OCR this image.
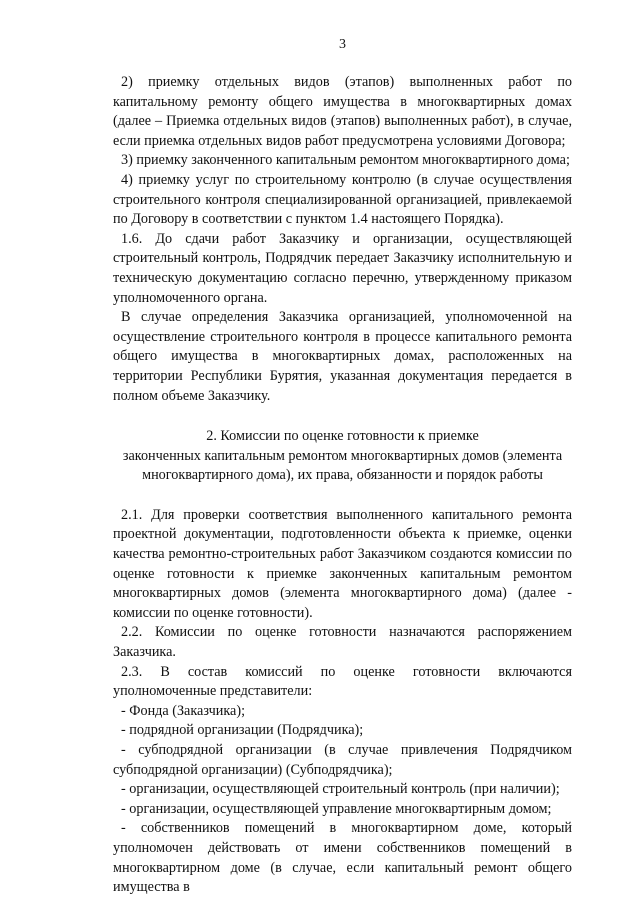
3

2) приемку отдельных видов (этапов) выполненных работ по капитальному ремонту общего имущества в многоквартирных домах (далее – Приемка отдельных видов (этапов) выполненных работ), в случае, если приемка отдельных видов работ предусмотрена условиями Договора;

3) приемку законченного капитальным ремонтом многоквартирного дома;

4) приемку услуг по строительному контролю (в случае осуществления строительного контроля специализированной организацией, привлекаемой по Договору в соответствии с пунктом 1.4 настоящего Порядка).

1.6. До сдачи работ Заказчику и организации, осуществляющей строительный контроль, Подрядчик передает Заказчику исполнительную и техническую документацию согласно перечню, утвержденному приказом уполномоченного органа.

В случае определения Заказчика организацией, уполномоченной на осуществление строительного контроля в процессе капитального ремонта общего имущества в многоквартирных домах, расположенных на территории Республики Бурятия, указанная документация передается в полном объеме Заказчику.

2. Комиссии по оценке готовности к приемке
законченных капитальным ремонтом многоквартирных домов (элемента
многоквартирного дома), их права, обязанности и порядок работы

2.1. Для проверки соответствия выполненного капитального ремонта проектной документации, подготовленности объекта к приемке, оценки качества ремонтно-строительных работ Заказчиком создаются комиссии по оценке готовности к приемке законченных капитальным ремонтом многоквартирных домов (элемента многоквартирного дома) (далее - комиссии по оценке готовности).

2.2. Комиссии по оценке готовности назначаются распоряжением Заказчика.

2.3. В состав комиссий по оценке готовности включаются уполномоченные представители:

- Фонда (Заказчика);

- подрядной организации (Подрядчика);

- субподрядной организации (в случае привлечения Подрядчиком субподрядной организации) (Субподрядчика);

- организации, осуществляющей строительный контроль (при наличии);

- организации, осуществляющей управление многоквартирным домом;

- собственников помещений в многоквартирном доме, который уполномочен действовать от имени собственников помещений в многоквартирном доме (в случае, если капитальный ремонт общего имущества в
